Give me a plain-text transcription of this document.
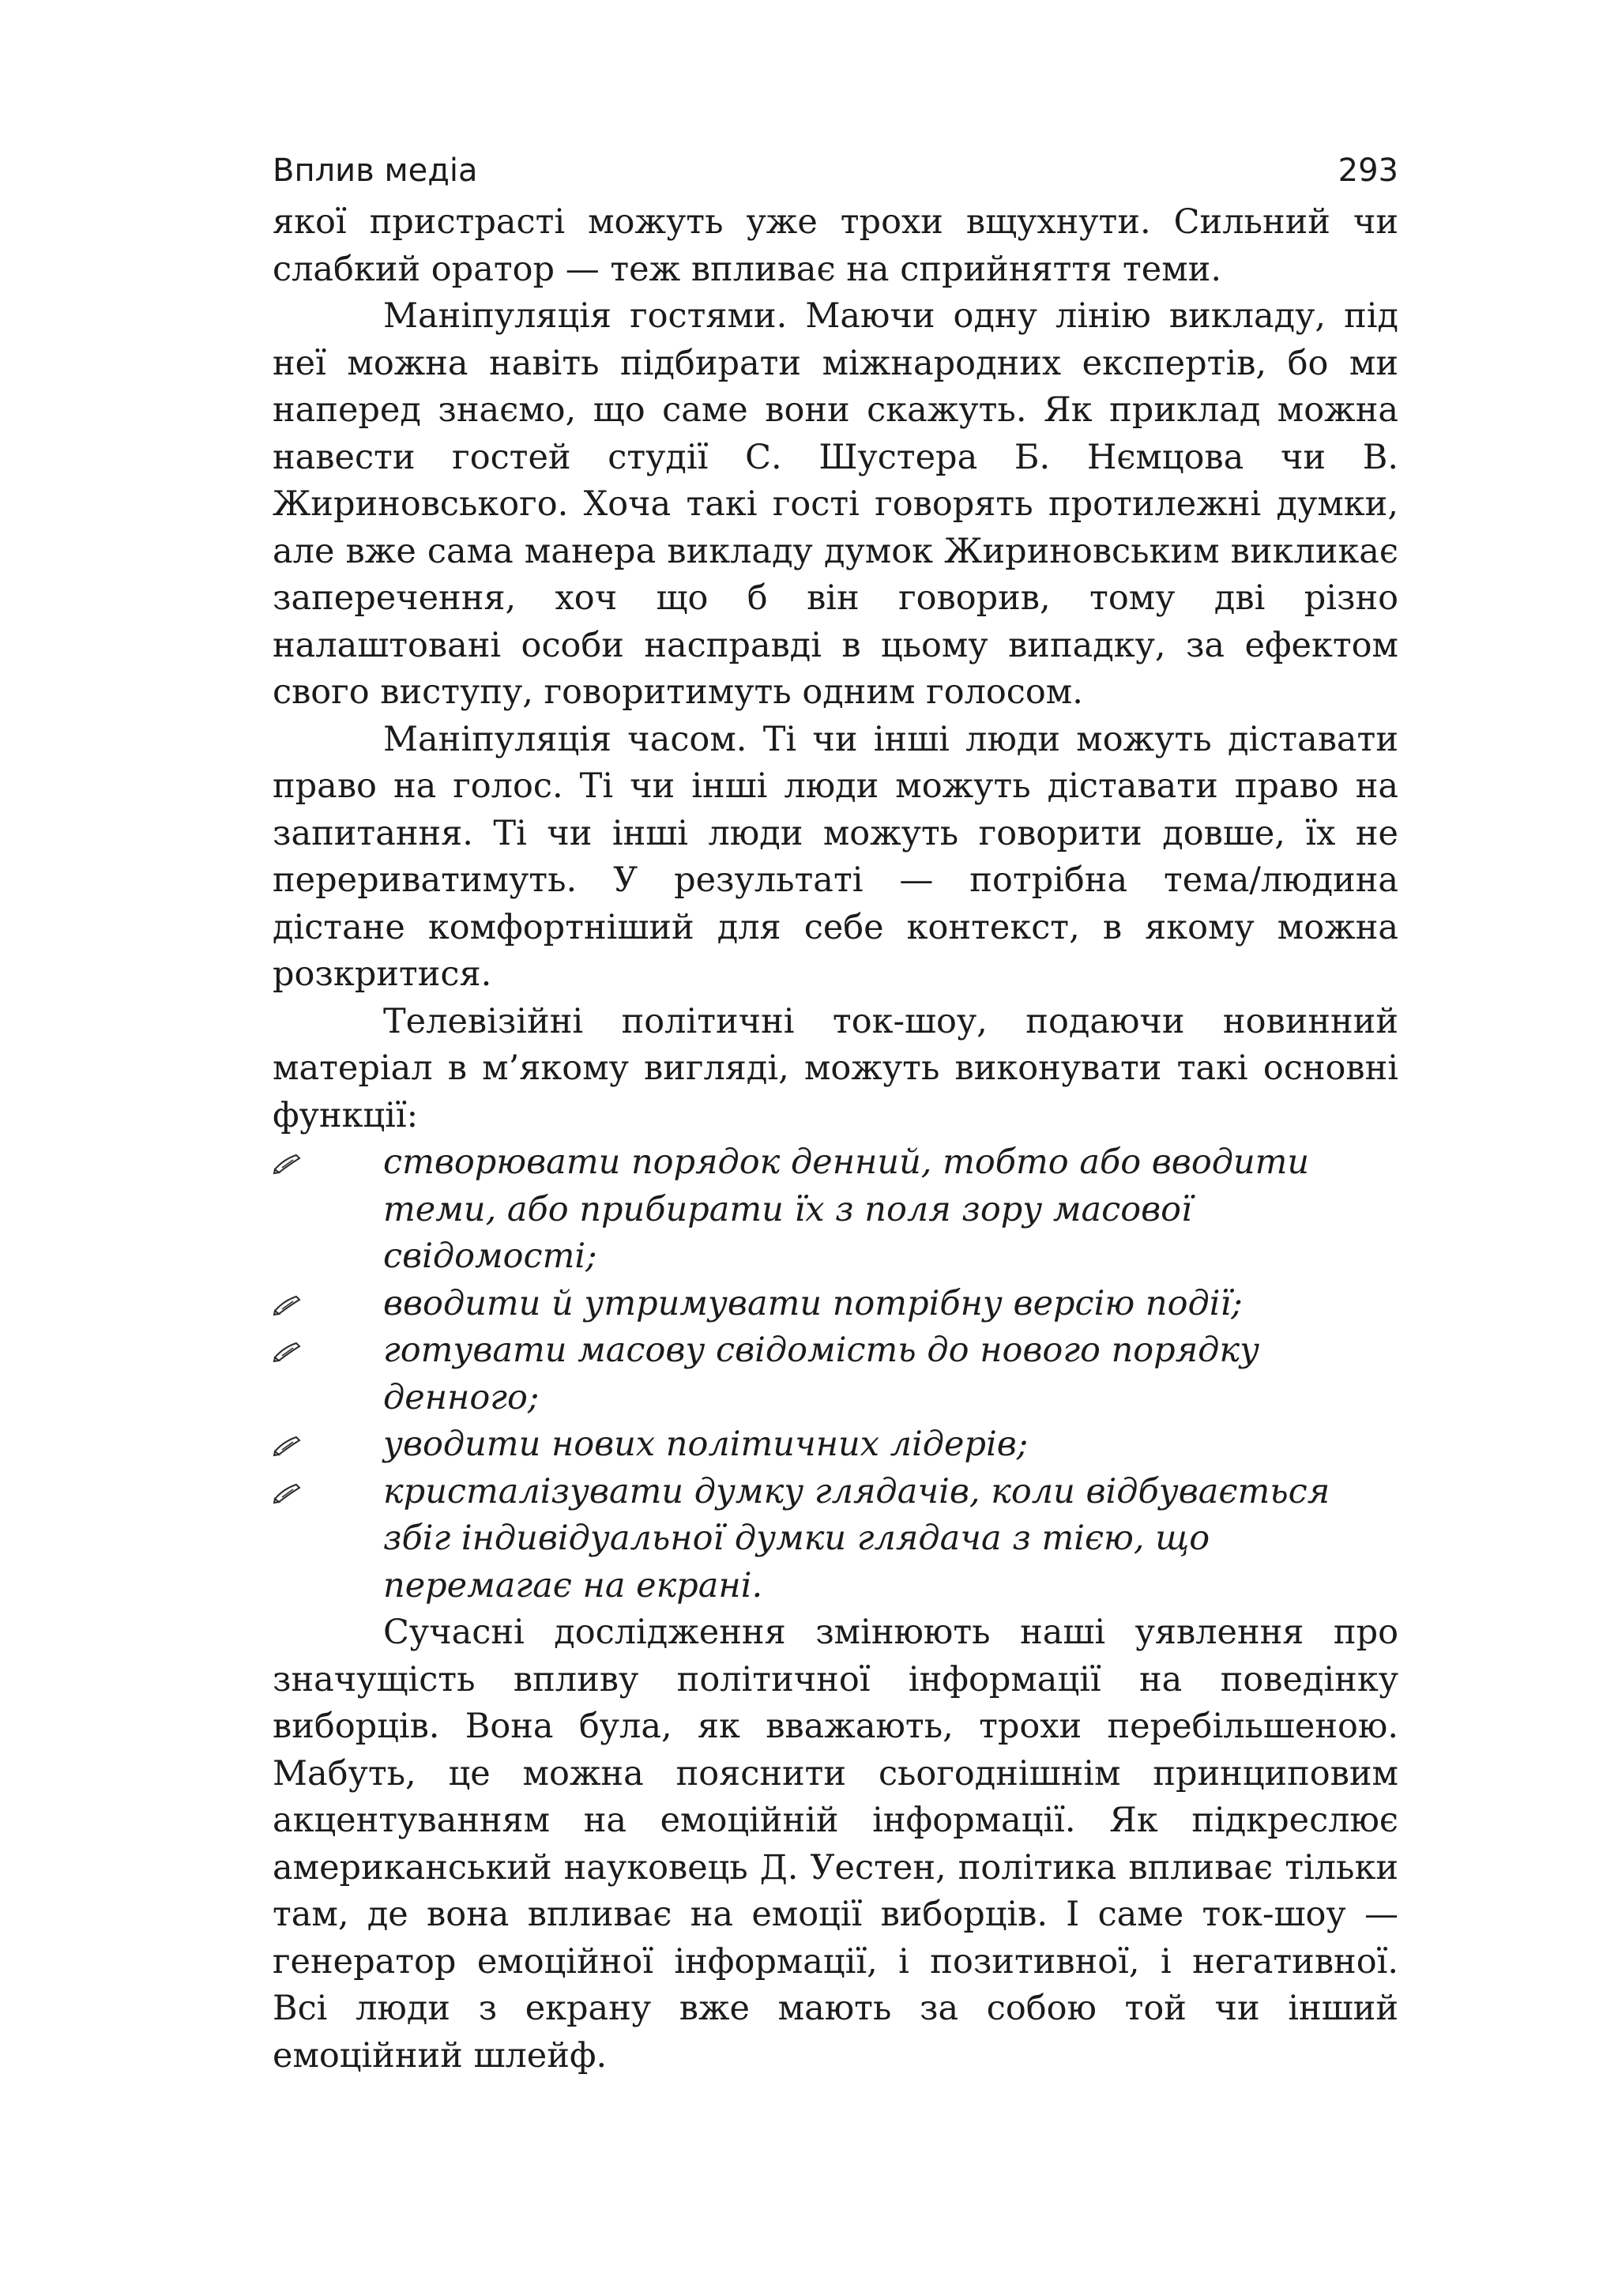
Вплив медіа	293

якої пристрасті можуть уже трохи вщухнути. Сильний чи слабкий оратор — теж впливає на сприйняття теми.

Маніпуляція гостями. Маючи одну лінію викладу, під неї можна навіть підбирати міжнародних експертів, бо ми наперед знаємо, що саме вони скажуть. Як приклад можна навести гостей студії С. Шустера Б. Нємцова чи В. Жириновського. Хоча такі гості говорять протилежні думки, але вже сама манера викладу думок Жириновським викликає заперечення, хоч що б він говорив, тому дві різно налаштовані особи насправді в цьому випадку, за ефектом свого виступу, говоритимуть одним голосом.

Маніпуляція часом. Ті чи інші люди можуть діставати право на голос. Ті чи інші люди можуть діставати право на запитання. Ті чи інші люди можуть говорити довше, їх не перериватимуть. У результаті — потрібна тема/людина дістане комфортніший для себе контекст, в якому можна розкритися.

Телевізійні політичні ток-шоу, подаючи новинний матеріал в м’якому вигляді, можуть виконувати такі основні функції:

створювати порядок денний, тобто або вводити теми, або прибирати їх з поля зору масової свідомості;
вводити й утримувати потрібну версію події;
готувати масову свідомість до нового порядку денного;
уводити нових політичних лідерів;
кристалізувати думку глядачів, коли відбувається збіг індивідуальної думки глядача з тією, що перемагає на екрані.

Сучасні дослідження змінюють наші уявлення про значущість впливу політичної інформації на поведінку виборців. Вона була, як вважають, трохи перебільшеною. Мабуть, це можна пояснити сьогоднішнім принциповим акцентуванням на емоційній інформації. Як підкреслює американський науковець Д. Уестен, політика впливає тільки там, де вона впливає на емоції виборців. І саме ток-шоу — генератор емоційної інформації, і позитивної, і негативної. Всі люди з екрану вже мають за собою той чи інший емоційний шлейф.
